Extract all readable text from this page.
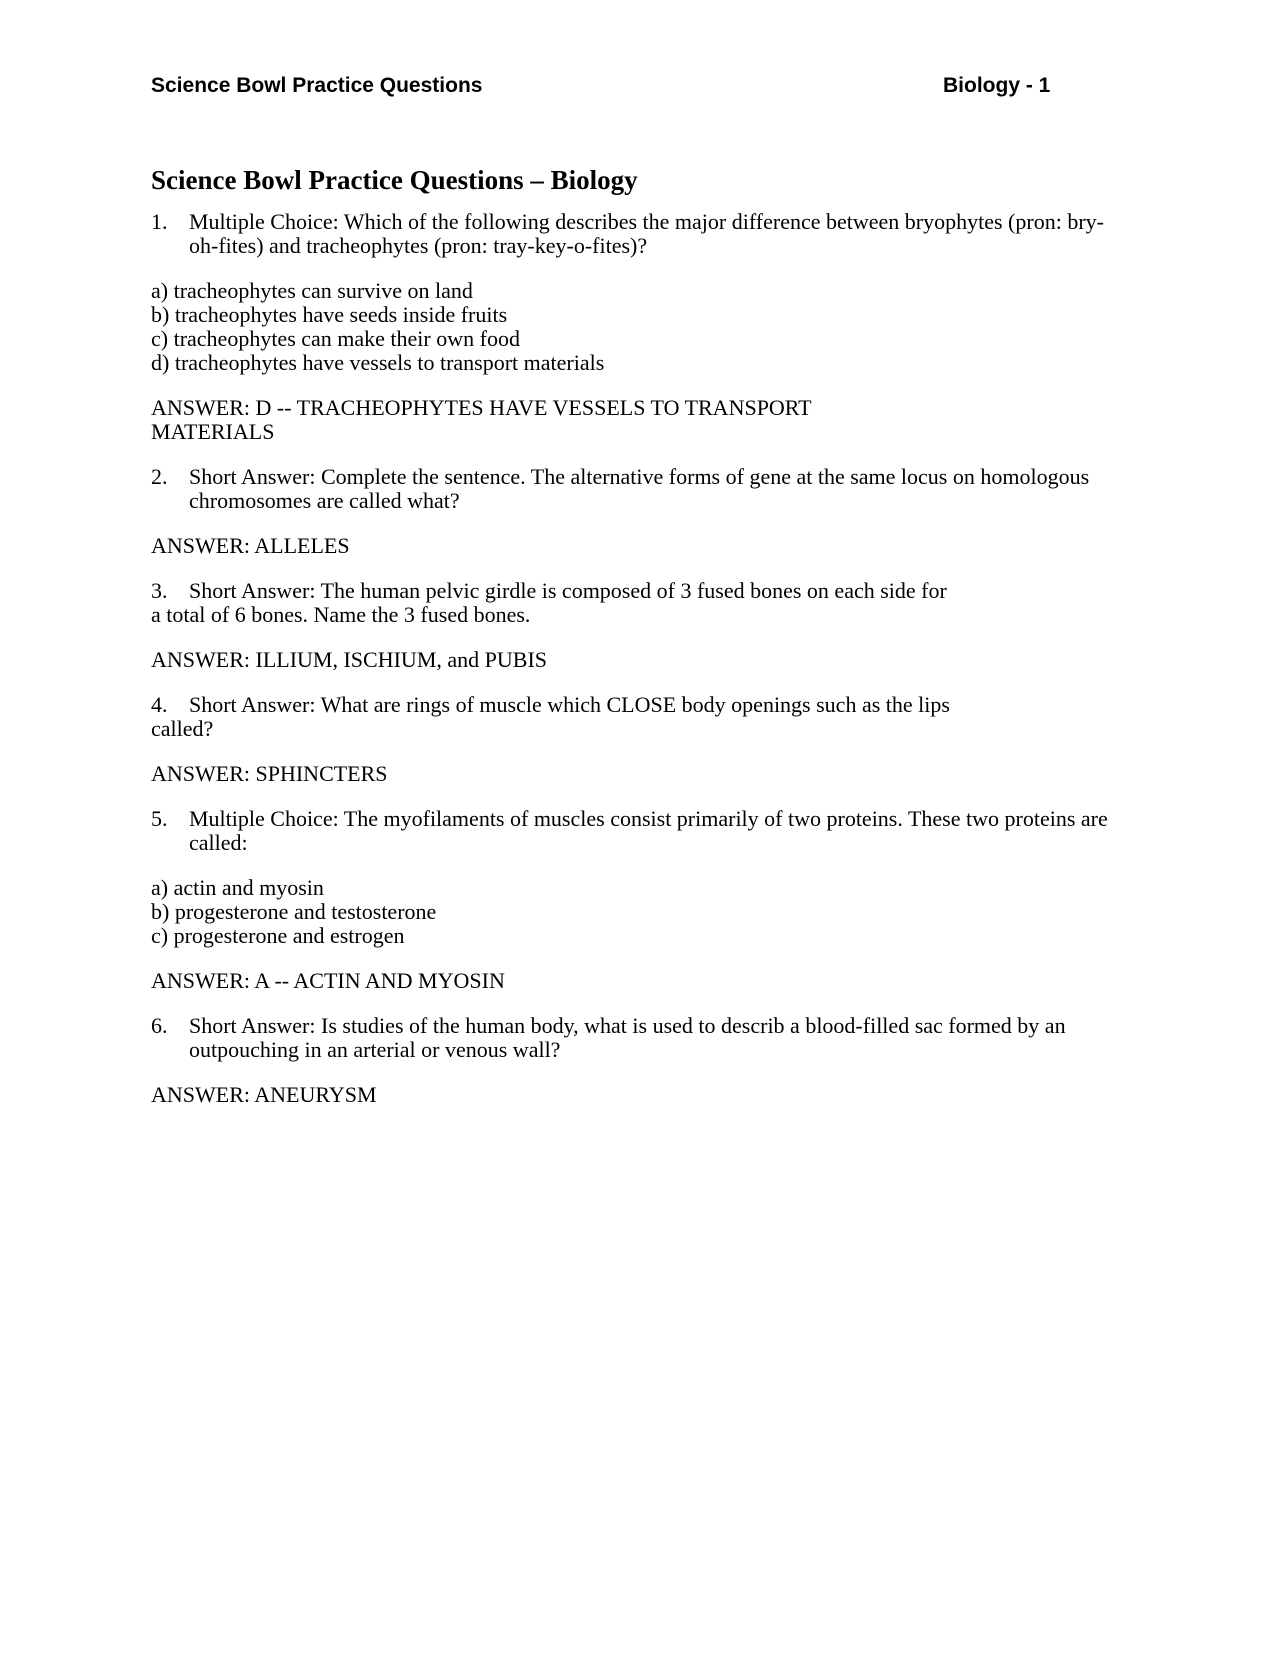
Science Bowl Practice Questions	Biology - 1
Science Bowl Practice Questions – Biology
1. Multiple Choice: Which of the following describes the major difference between bryophytes (pron: bry-oh-fites) and tracheophytes (pron: tray-key-o-fites)?
a) tracheophytes can survive on land
b) tracheophytes have seeds inside fruits
c) tracheophytes can make their own food
d) tracheophytes have vessels to transport materials
ANSWER: D -- TRACHEOPHYTES HAVE VESSELS TO TRANSPORT MATERIALS
2. Short Answer: Complete the sentence. The alternative forms of gene at the same locus on homologous chromosomes are called what?
ANSWER: ALLELES
3. Short Answer: The human pelvic girdle is composed of 3 fused bones on each side for
a total of 6 bones. Name the 3 fused bones.
ANSWER: ILLIUM, ISCHIUM, and PUBIS
4. Short Answer: What are rings of muscle which CLOSE body openings such as the lips
called?
ANSWER: SPHINCTERS
5. Multiple Choice: The myofilaments of muscles consist primarily of two proteins. These two proteins are called:
a) actin and myosin
b) progesterone and testosterone
c) progesterone and estrogen
ANSWER: A -- ACTIN AND MYOSIN
6. Short Answer: Is studies of the human body, what is used to describ a blood-filled sac formed by an outpouching in an arterial or venous wall?
ANSWER: ANEURYSM
